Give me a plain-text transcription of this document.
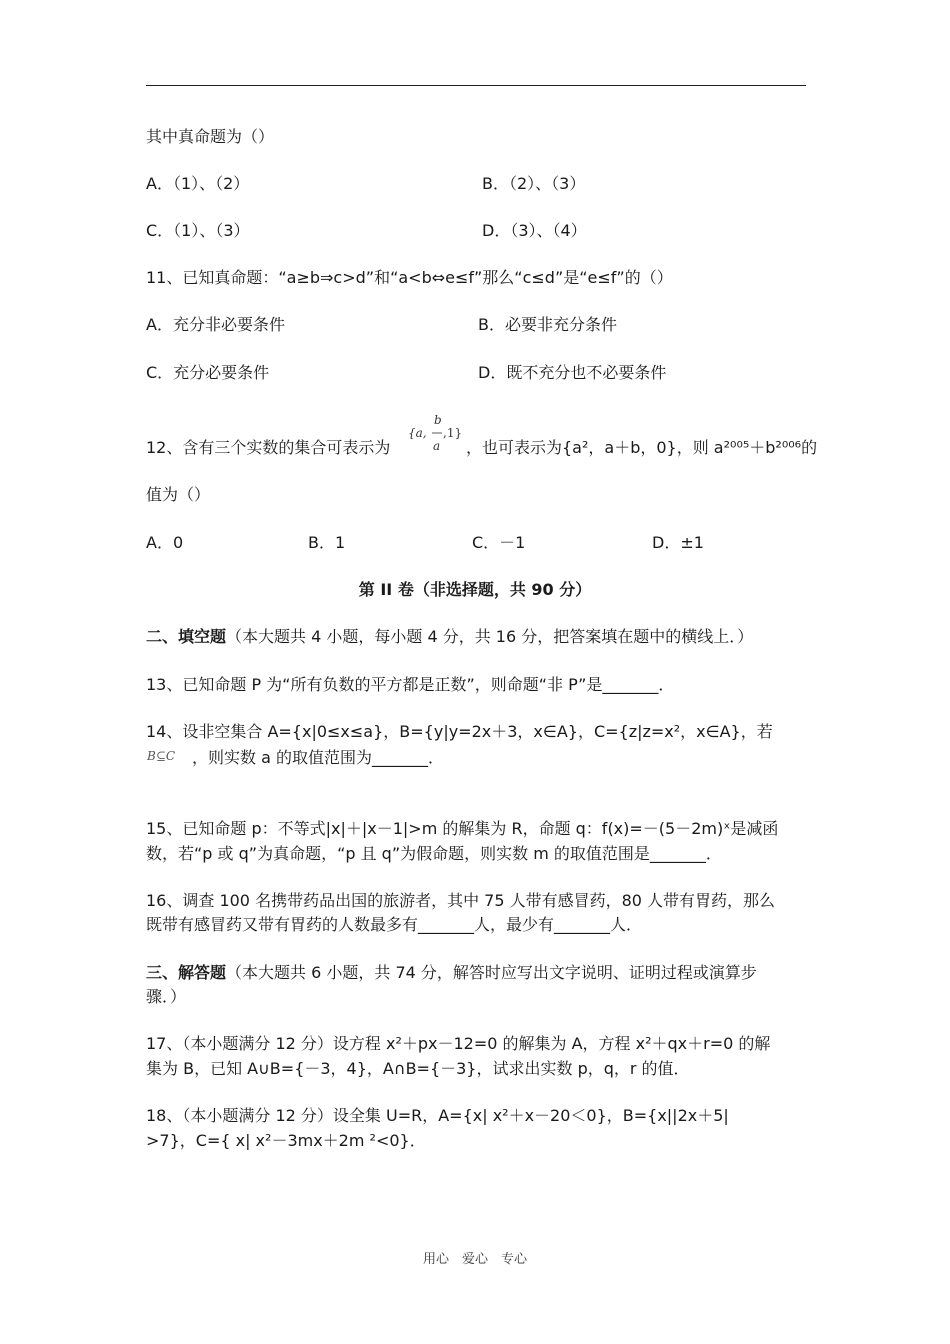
其中真命题为（）
A．（1）、（2）	B．（2）、（3）
C．（1）、（3）	D．（3）、（4）
11、已知真命题：“a≥b⇒c>d”和“a<b⇔e≤f”那么“c≤d”是“e≤f”的（）
A．充分非必要条件	B．必要非充分条件
C．充分必要条件	D．既不充分也不必要条件
12、含有三个实数的集合可表示为
{a,
b
a
,1}
，也可表示为{a²，a＋b，0}，则 a²⁰⁰⁵＋b²⁰⁰⁶的
值为（）
A．0	B．1	C．－1	D．±1
第 II 卷（非选择题，共 90 分）
二、填空题（本大题共 4 小题，每小题 4 分，共 16 分，把答案填在题中的横线上．）
13、已知命题 P 为“所有负数的平方都是正数”，则命题“非 P”是_______．
14、设非空集合 A={x|0≤x≤a}，B={y|y=2x＋3，x∈A}，C={z|z=x²，x∈A}，若
B⊆C ，则实数 a 的取值范围为_______．
15、已知命题 p：不等式|x|＋|x－1|>m 的解集为 R，命题 q：f(x)=－(5－2m)ˣ是减函
数，若“p 或 q”为真命题，“p 且 q”为假命题，则实数 m 的取值范围是_______．
16、调查 100 名携带药品出国的旅游者，其中 75 人带有感冒药，80 人带有胃药，那么
既带有感冒药又带有胃药的人数最多有_______人，最少有_______人．
三、解答题（本大题共 6 小题，共 74 分，解答时应写出文字说明、证明过程或演算步
骤．）
17、（本小题满分 12 分）设方程 x²＋px－12=0 的解集为 A，方程 x²＋qx＋r=0 的解
集为 B，已知 A∪B={－3，4}，A∩B={－3}，试求出实数 p，q，r 的值．
18、（本小题满分 12 分）设全集 U=R，A={x| x²＋x－20＜0}，B={x||2x＋5|
>7}，C={ x| x²－3mx＋2m ²<0}．
用心　爱心　专心
